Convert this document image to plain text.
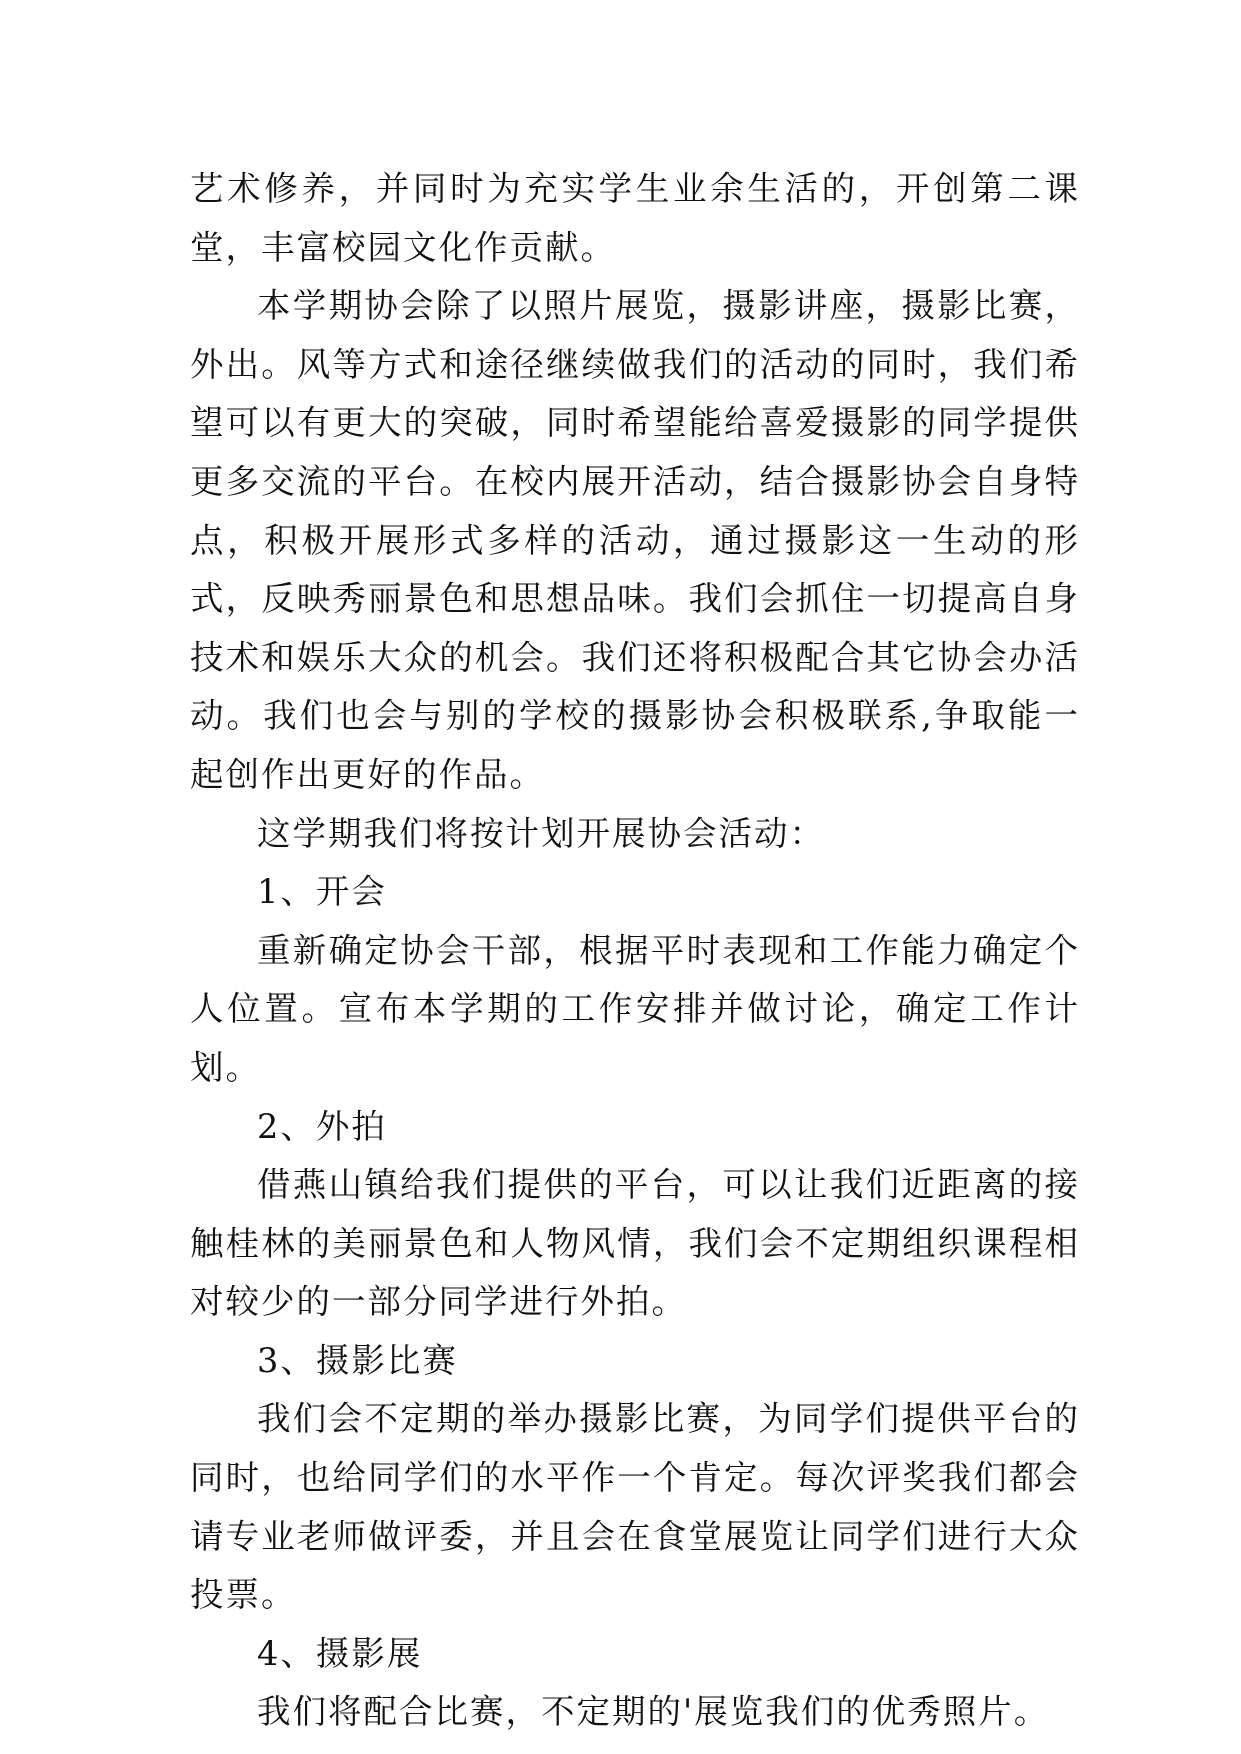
艺术修养，并同时为充实学生业余生活的，开创第二课堂，丰富校园文化作贡献。

本学期协会除了以照片展览，摄影讲座，摄影比赛，外出。风等方式和途径继续做我们的活动的同时，我们希望可以有更大的突破，同时希望能给喜爱摄影的同学提供更多交流的平台。在校内展开活动，结合摄影协会自身特点，积极开展形式多样的活动，通过摄影这一生动的形式，反映秀丽景色和思想品味。我们会抓住一切提高自身技术和娱乐大众的机会。我们还将积极配合其它协会办活动。我们也会与别的学校的摄影协会积极联系,争取能一起创作出更好的作品。

这学期我们将按计划开展协会活动：

1、开会

重新确定协会干部，根据平时表现和工作能力确定个人位置。宣布本学期的工作安排并做讨论，确定工作计划。

2、外拍

借燕山镇给我们提供的平台，可以让我们近距离的接触桂林的美丽景色和人物风情，我们会不定期组织课程相对较少的一部分同学进行外拍。

3、摄影比赛

我们会不定期的举办摄影比赛，为同学们提供平台的同时，也给同学们的水平作一个肯定。每次评奖我们都会请专业老师做评委，并且会在食堂展览让同学们进行大众投票。

4、摄影展

我们将配合比赛，不定期的'展览我们的优秀照片。
